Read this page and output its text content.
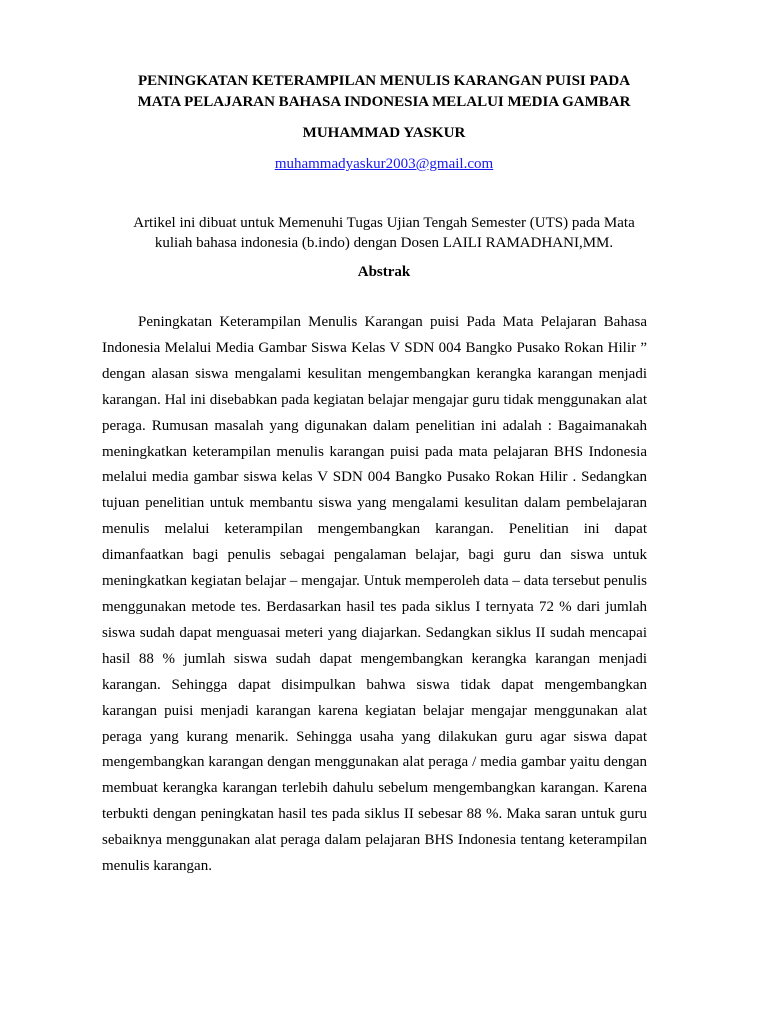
PENINGKATAN KETERAMPILAN MENULIS KARANGAN PUISI PADA
MATA PELAJARAN BAHASA INDONESIA MELALUI MEDIA GAMBAR

MUHAMMAD YASKUR

muhammadyaskur2003@gmail.com

Artikel ini dibuat untuk Memenuhi Tugas Ujian Tengah Semester (UTS) pada Mata
kuliah bahasa indonesia (b.indo) dengan Dosen LAILI RAMADHANI,MM.

Abstrak

Peningkatan Keterampilan Menulis Karangan puisi Pada Mata Pelajaran Bahasa Indonesia Melalui Media Gambar Siswa Kelas V SDN 004 Bangko Pusako Rokan Hilir ” dengan alasan siswa mengalami kesulitan mengembangkan kerangka karangan menjadi karangan. Hal ini disebabkan pada kegiatan belajar mengajar guru tidak menggunakan alat peraga. Rumusan masalah yang digunakan dalam penelitian ini adalah : Bagaimanakah meningkatkan keterampilan menulis karangan puisi pada mata pelajaran BHS Indonesia melalui media gambar siswa kelas V SDN 004 Bangko Pusako Rokan Hilir . Sedangkan tujuan penelitian untuk membantu siswa yang mengalami kesulitan dalam pembelajaran menulis melalui keterampilan mengembangkan karangan. Penelitian ini dapat dimanfaatkan bagi penulis sebagai pengalaman belajar, bagi guru dan siswa untuk meningkatkan kegiatan belajar – mengajar. Untuk memperoleh data – data tersebut penulis menggunakan metode tes. Berdasarkan hasil tes pada siklus I ternyata 72 % dari jumlah siswa sudah dapat menguasai meteri yang diajarkan. Sedangkan siklus II sudah mencapai hasil 88 % jumlah siswa sudah dapat mengembangkan kerangka karangan menjadi karangan. Sehingga dapat disimpulkan bahwa siswa tidak dapat mengembangkan karangan puisi menjadi karangan karena kegiatan belajar mengajar menggunakan alat peraga yang kurang menarik. Sehingga usaha yang dilakukan guru agar siswa dapat mengembangkan karangan dengan menggunakan alat peraga / media gambar yaitu dengan membuat kerangka karangan terlebih dahulu sebelum mengembangkan karangan. Karena terbukti dengan peningkatan hasil tes pada siklus II sebesar 88 %. Maka saran untuk guru sebaiknya menggunakan alat peraga dalam pelajaran BHS Indonesia tentang keterampilan menulis karangan.
